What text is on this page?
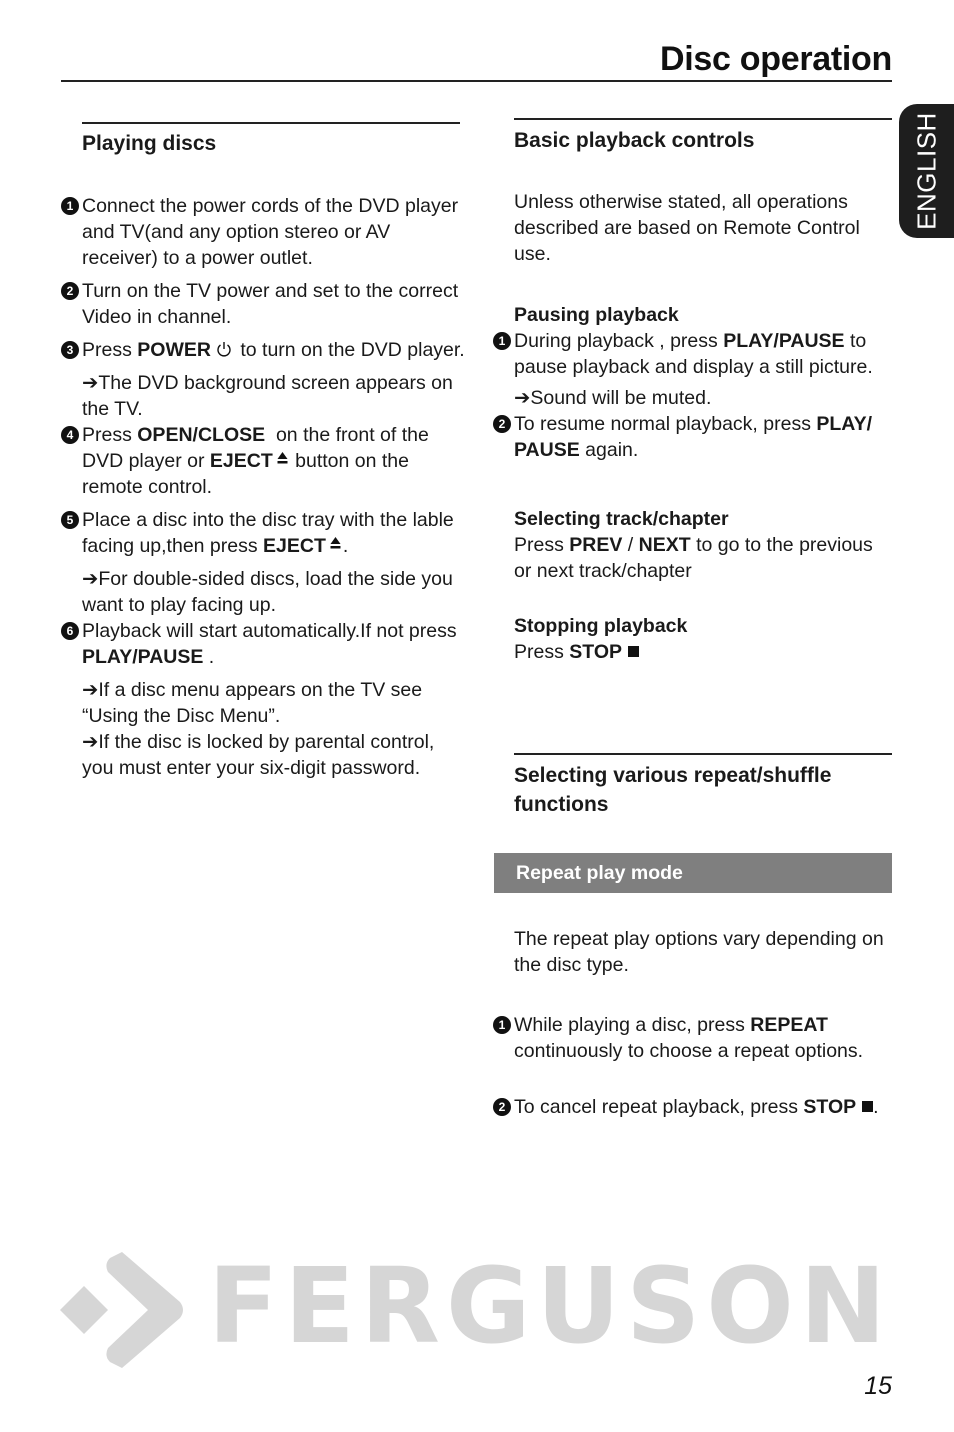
Disc operation
ENGLISH
Playing discs

1 Connect the power cords of the DVD player and TV(and any option stereo or AV receiver) to a power outlet.

2 Turn on the TV power and set to the correct Video in channel.

3 Press POWER to turn on the DVD player.

➔The DVD background screen appears on the TV.

4 Press OPEN/CLOSE  on the front of the DVD player or EJECT button on the remote control.

5 Place a disc into the disc tray with the lable facing up,then press EJECT .

➔For double-sided discs, load the side you want to play facing up.

6 Playback will start automatically.If not press PLAY/PAUSE .

➔If a disc menu appears on the TV see “Using the Disc Menu”.

➔If the disc is locked by parental control, you must enter your six-digit password.

Basic playback controls
Unless otherwise stated, all operations described are based on Remote Control use.
Pausing playback

1 During playback , press PLAY/PAUSE to pause playback and display a still picture.

➔Sound will be muted.

2 To resume normal playback, press PLAY/ PAUSE again.

Selecting track/chapter
Press PREV / NEXT to go to the previous or next track/chapter
Stopping playback
Press STOP
Selecting various repeat/shuffle functions
Repeat play mode
The repeat play options vary depending on the disc type.

1 While playing a disc, press REPEAT continuously to choose a repeat options.

2 To cancel repeat playback, press STOP .

FERGUSON
15
